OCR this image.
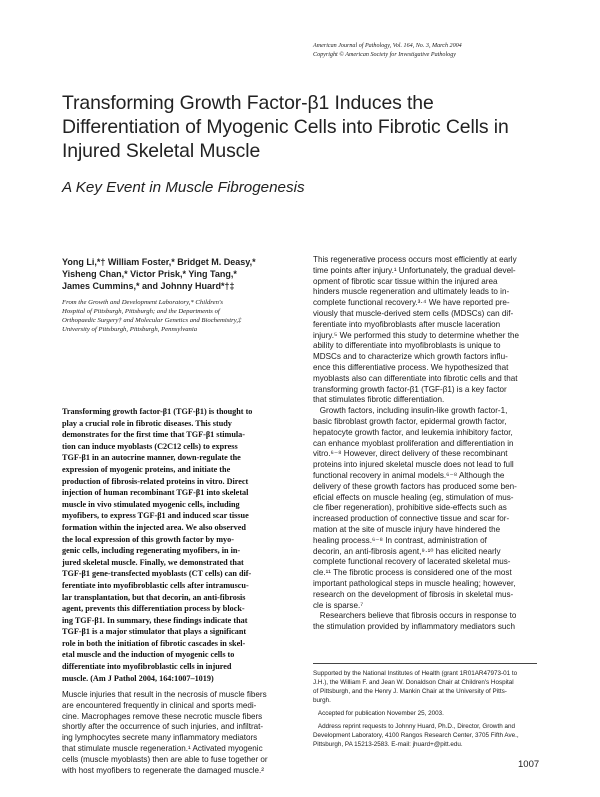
American Journal of Pathology, Vol. 164, No. 3, March 2004
Copyright © American Society for Investigative Pathology
Transforming Growth Factor-β1 Induces the
Differentiation of Myogenic Cells into Fibrotic Cells in
Injured Skeletal Muscle
A Key Event in Muscle Fibrogenesis
Yong Li,*† William Foster,* Bridget M. Deasy,*
Yisheng Chan,* Victor Prisk,* Ying Tang,*
James Cummins,* and Johnny Huard*†‡
From the Growth and Development Laboratory,* Children's
Hospital of Pittsburgh, Pittsburgh; and the Departments of
Orthopaedic Surgery† and Molecular Genetics and Biochemistry,‡
University of Pittsburgh, Pittsburgh, Pennsylvania
Transforming growth factor-β1 (TGF-β1) is thought to
play a crucial role in fibrotic diseases. This study
demonstrates for the first time that TGF-β1 stimula-
tion can induce myoblasts (C2C12 cells) to express
TGF-β1 in an autocrine manner, down-regulate the
expression of myogenic proteins, and initiate the
production of fibrosis-related proteins in vitro. Direct
injection of human recombinant TGF-β1 into skeletal
muscle in vivo stimulated myogenic cells, including
myofibers, to express TGF-β1 and induced scar tissue
formation within the injected area. We also observed
the local expression of this growth factor by myo-
genic cells, including regenerating myofibers, in in-
jured skeletal muscle. Finally, we demonstrated that
TGF-β1 gene-transfected myoblasts (CT cells) can dif-
ferentiate into myofibroblastic cells after intramuscu-
lar transplantation, but that decorin, an anti-fibrosis
agent, prevents this differentiation process by block-
ing TGF-β1. In summary, these findings indicate that
TGF-β1 is a major stimulator that plays a significant
role in both the initiation of fibrotic cascades in skel-
etal muscle and the induction of myogenic cells to
differentiate into myofibroblastic cells in injured
muscle. (Am J Pathol 2004, 164:1007–1019)
Muscle injuries that result in the necrosis of muscle fibers
are encountered frequently in clinical and sports medi-
cine. Macrophages remove these necrotic muscle fibers
shortly after the occurrence of such injuries, and infiltrat-
ing lymphocytes secrete many inflammatory mediators
that stimulate muscle regeneration.¹ Activated myogenic
cells (muscle myoblasts) then are able to fuse together or
with host myofibers to regenerate the damaged muscle.²
This regenerative process occurs most efficiently at early
time points after injury.¹ Unfortunately, the gradual devel-
opment of fibrotic scar tissue within the injured area
hinders muscle regeneration and ultimately leads to in-
complete functional recovery.³·⁴ We have reported pre-
viously that muscle-derived stem cells (MDSCs) can dif-
ferentiate into myofibroblasts after muscle laceration
injury.⁵ We performed this study to determine whether the
ability to differentiate into myofibroblasts is unique to
MDSCs and to characterize which growth factors influ-
ence this differentiative process. We hypothesized that
myoblasts also can differentiate into fibrotic cells and that
transforming growth factor-β1 (TGF-β1) is a key factor
that stimulates fibrotic differentiation.
Growth factors, including insulin-like growth factor-1,
basic fibroblast growth factor, epidermal growth factor,
hepatocyte growth factor, and leukemia inhibitory factor,
can enhance myoblast proliferation and differentiation in
vitro.⁶⁻⁸ However, direct delivery of these recombinant
proteins into injured skeletal muscle does not lead to full
functional recovery in animal models.⁶⁻⁸ Although the
delivery of these growth factors has produced some ben-
eficial effects on muscle healing (eg, stimulation of mus-
cle fiber regeneration), prohibitive side-effects such as
increased production of connective tissue and scar for-
mation at the site of muscle injury have hindered the
healing process.⁶⁻⁸ In contrast, administration of
decorin, an anti-fibrosis agent,⁹·¹⁰ has elicited nearly
complete functional recovery of lacerated skeletal mus-
cle.¹¹ The fibrotic process is considered one of the most
important pathological steps in muscle healing; however,
research on the development of fibrosis in skeletal mus-
cle is sparse.⁷
Researchers believe that fibrosis occurs in response to
the stimulation provided by inflammatory mediators such
Supported by the National Institutes of Health (grant 1R01AR47973-01 to
J.H.), the William F. and Jean W. Donaldson Chair at Children's Hospital
of Pittsburgh, and the Henry J. Mankin Chair at the University of Pitts-
burgh.
Accepted for publication November 25, 2003.
Address reprint requests to Johnny Huard, Ph.D., Director, Growth and
Development Laboratory, 4100 Rangos Research Center, 3705 Fifth Ave.,
Pittsburgh, PA 15213-2583. E-mail: jhuard+@pitt.edu.
1007
